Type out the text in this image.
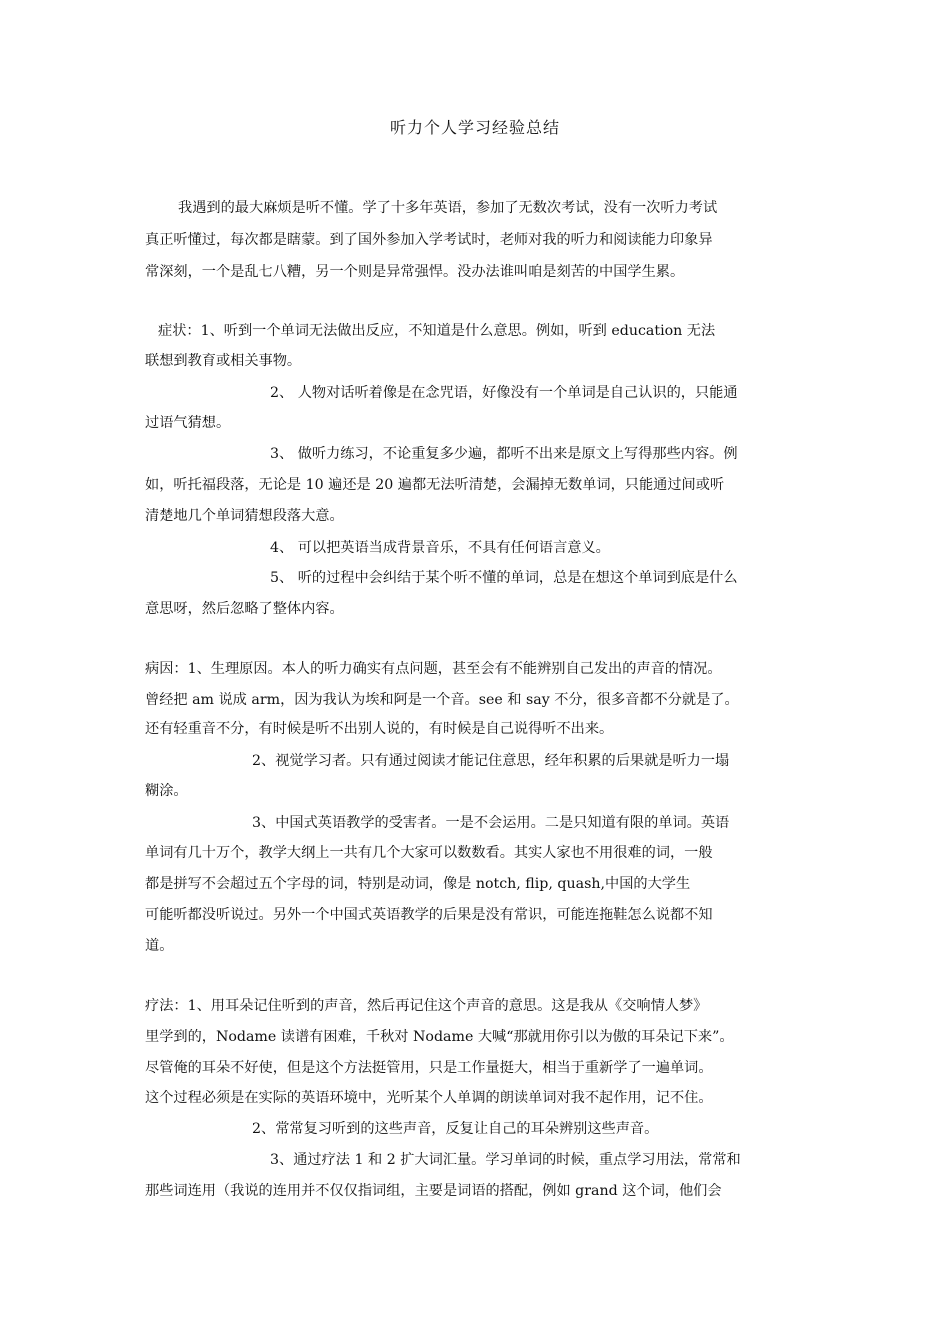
听力个人学习经验总结
我遇到的最大麻烦是听不懂。学了十多年英语，参加了无数次考试，没有一次听力考试
真正听懂过，每次都是瞎蒙。到了国外参加入学考试时，老师对我的听力和阅读能力印象异
常深刻，一个是乱七八糟，另一个则是异常强悍。没办法谁叫咱是刻苦的中国学生累。
症状：1、听到一个单词无法做出反应，不知道是什么意思。例如，听到 education 无法
联想到教育或相关事物。
2、 人物对话听着像是在念咒语，好像没有一个单词是自己认识的，只能通
过语气猜想。
3、 做听力练习，不论重复多少遍，都听不出来是原文上写得那些内容。例
如，听托福段落，无论是 10 遍还是 20 遍都无法听清楚，会漏掉无数单词，只能通过间或听
清楚地几个单词猜想段落大意。
4、 可以把英语当成背景音乐，不具有任何语言意义。
5、 听的过程中会纠结于某个听不懂的单词，总是在想这个单词到底是什么
意思呀，然后忽略了整体内容。
病因：1、生理原因。本人的听力确实有点问题，甚至会有不能辨别自己发出的声音的情况。
曾经把 am 说成 arm，因为我认为埃和阿是一个音。see 和 say 不分，很多音都不分就是了。
还有轻重音不分，有时候是听不出别人说的，有时候是自己说得听不出来。
2、视觉学习者。只有通过阅读才能记住意思，经年积累的后果就是听力一塌
糊涂。
3、中国式英语教学的受害者。一是不会运用。二是只知道有限的单词。英语
单词有几十万个，教学大纲上一共有几个大家可以数数看。其实人家也不用很难的词，一般
都是拼写不会超过五个字母的词，特别是动词，像是 notch, flip, quash,中国的大学生
可能听都没听说过。另外一个中国式英语教学的后果是没有常识，可能连拖鞋怎么说都不知
道。
疗法：1、用耳朵记住听到的声音，然后再记住这个声音的意思。这是我从《交响情人梦》
里学到的，Nodame 读谱有困难，千秋对 Nodame 大喊“那就用你引以为傲的耳朵记下来”。
尽管俺的耳朵不好使，但是这个方法挺管用，只是工作量挺大，相当于重新学了一遍单词。
这个过程必须是在实际的英语环境中，光听某个人单调的朗读单词对我不起作用，记不住。
2、常常复习听到的这些声音，反复让自己的耳朵辨别这些声音。
3、通过疗法 1 和 2 扩大词汇量。学习单词的时候，重点学习用法，常常和
那些词连用（我说的连用并不仅仅指词组，主要是词语的搭配，例如 grand 这个词，他们会
